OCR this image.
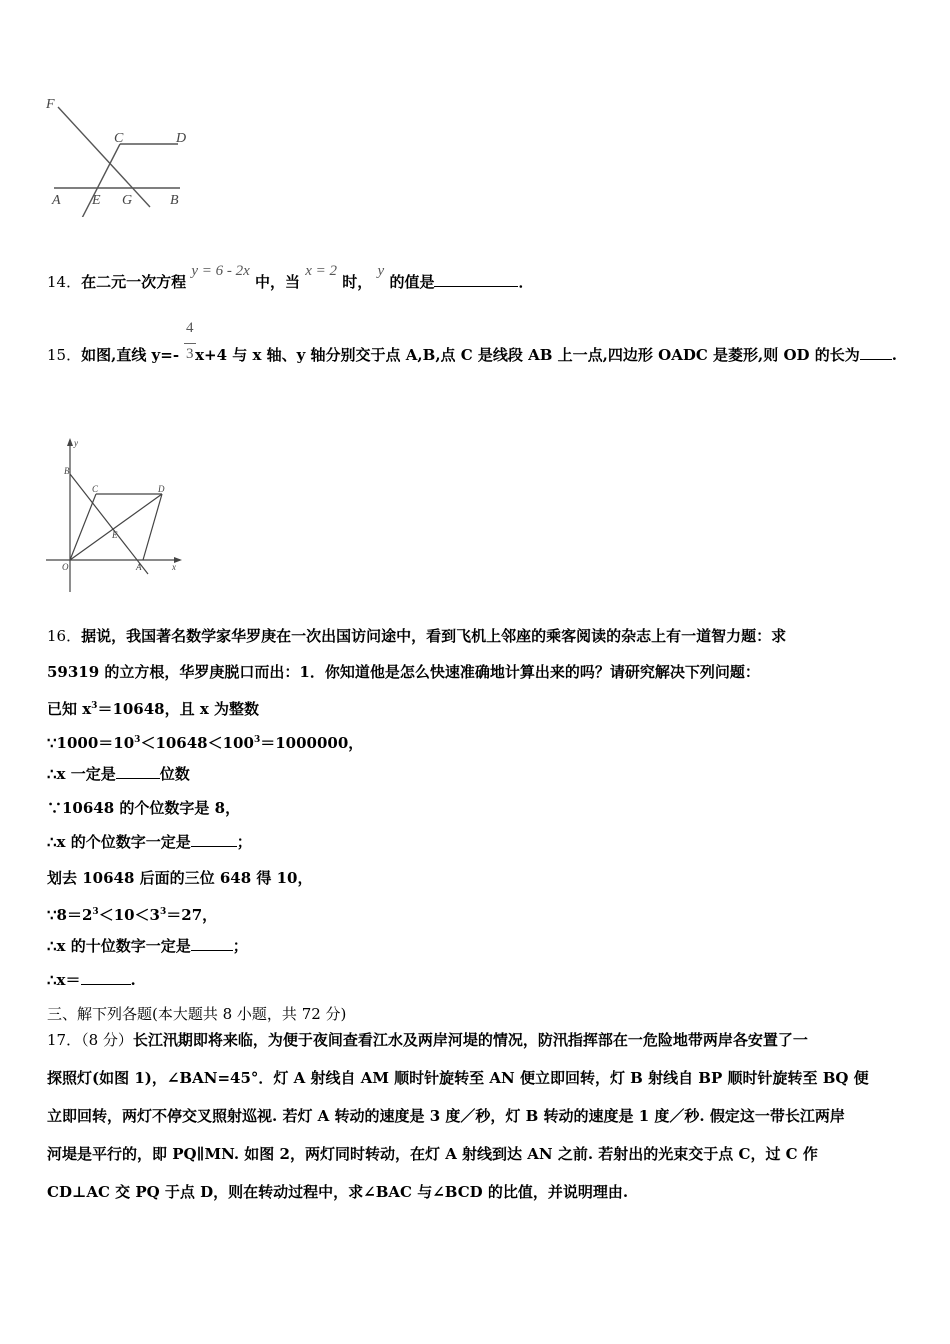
F
C	D
A E G	B
14．在二元一次方程 y = 6 - 2x 中，当 x = 2 时， y 的值是	．
4
3
15．如图,直线 y=- x+4 与 x 轴、y 轴分别交于点 A,B,点 C 是线段 AB 上一点,四边形 OADC 是菱形,则 OD 的长为 .
y
x
B
C	D
E
O	A
16．据说，我国著名数学家华罗庚在一次出国访问途中，看到飞机上邻座的乘客阅读的杂志上有一道智力题：求
59319 的立方根，华罗庚脱口而出：1．你知道他是怎么快速准确地计算出来的吗？请研究解决下列问题：
已知 $x^3=10648$，且 x 为整数
$\because 1000=10^3<10648<100^3=1000000$，
∴x 一定是	位数
∵10648 的个位数字是 8，
∴x 的个位数字一定是	；
划去 10648 后面的三位 648 得 10，
$\because 8=2^3<10<3^3=27$，
∴x 的十位数字一定是	；
∴x＝	.
三、解下列各题(本大题共 8 小题，共 72 分)
17．（8 分）长江汛期即将来临，为便于夜间查看江水及两岸河堤的情况，防汛指挥部在一危险地带两岸各安置了一
探照灯(如图 1)，∠BAN=45°．灯 A 射线自 AM 顺时针旋转至 AN 便立即回转，灯 B 射线自 BP 顺时针旋转至 BQ 便
立即回转，两灯不停交叉照射巡视. 若灯 A 转动的速度是 3 度／秒，灯 B 转动的速度是 1 度／秒. 假定这一带长江两岸
河堤是平行的，即 PQ∥MN. 如图 2，两灯同时转动，在灯 A 射线到达 AN 之前. 若射出的光束交于点 C，过 C 作
CD⊥AC 交 PQ 于点 D，则在转动过程中，求∠BAC 与∠BCD 的比值，并说明理由.
